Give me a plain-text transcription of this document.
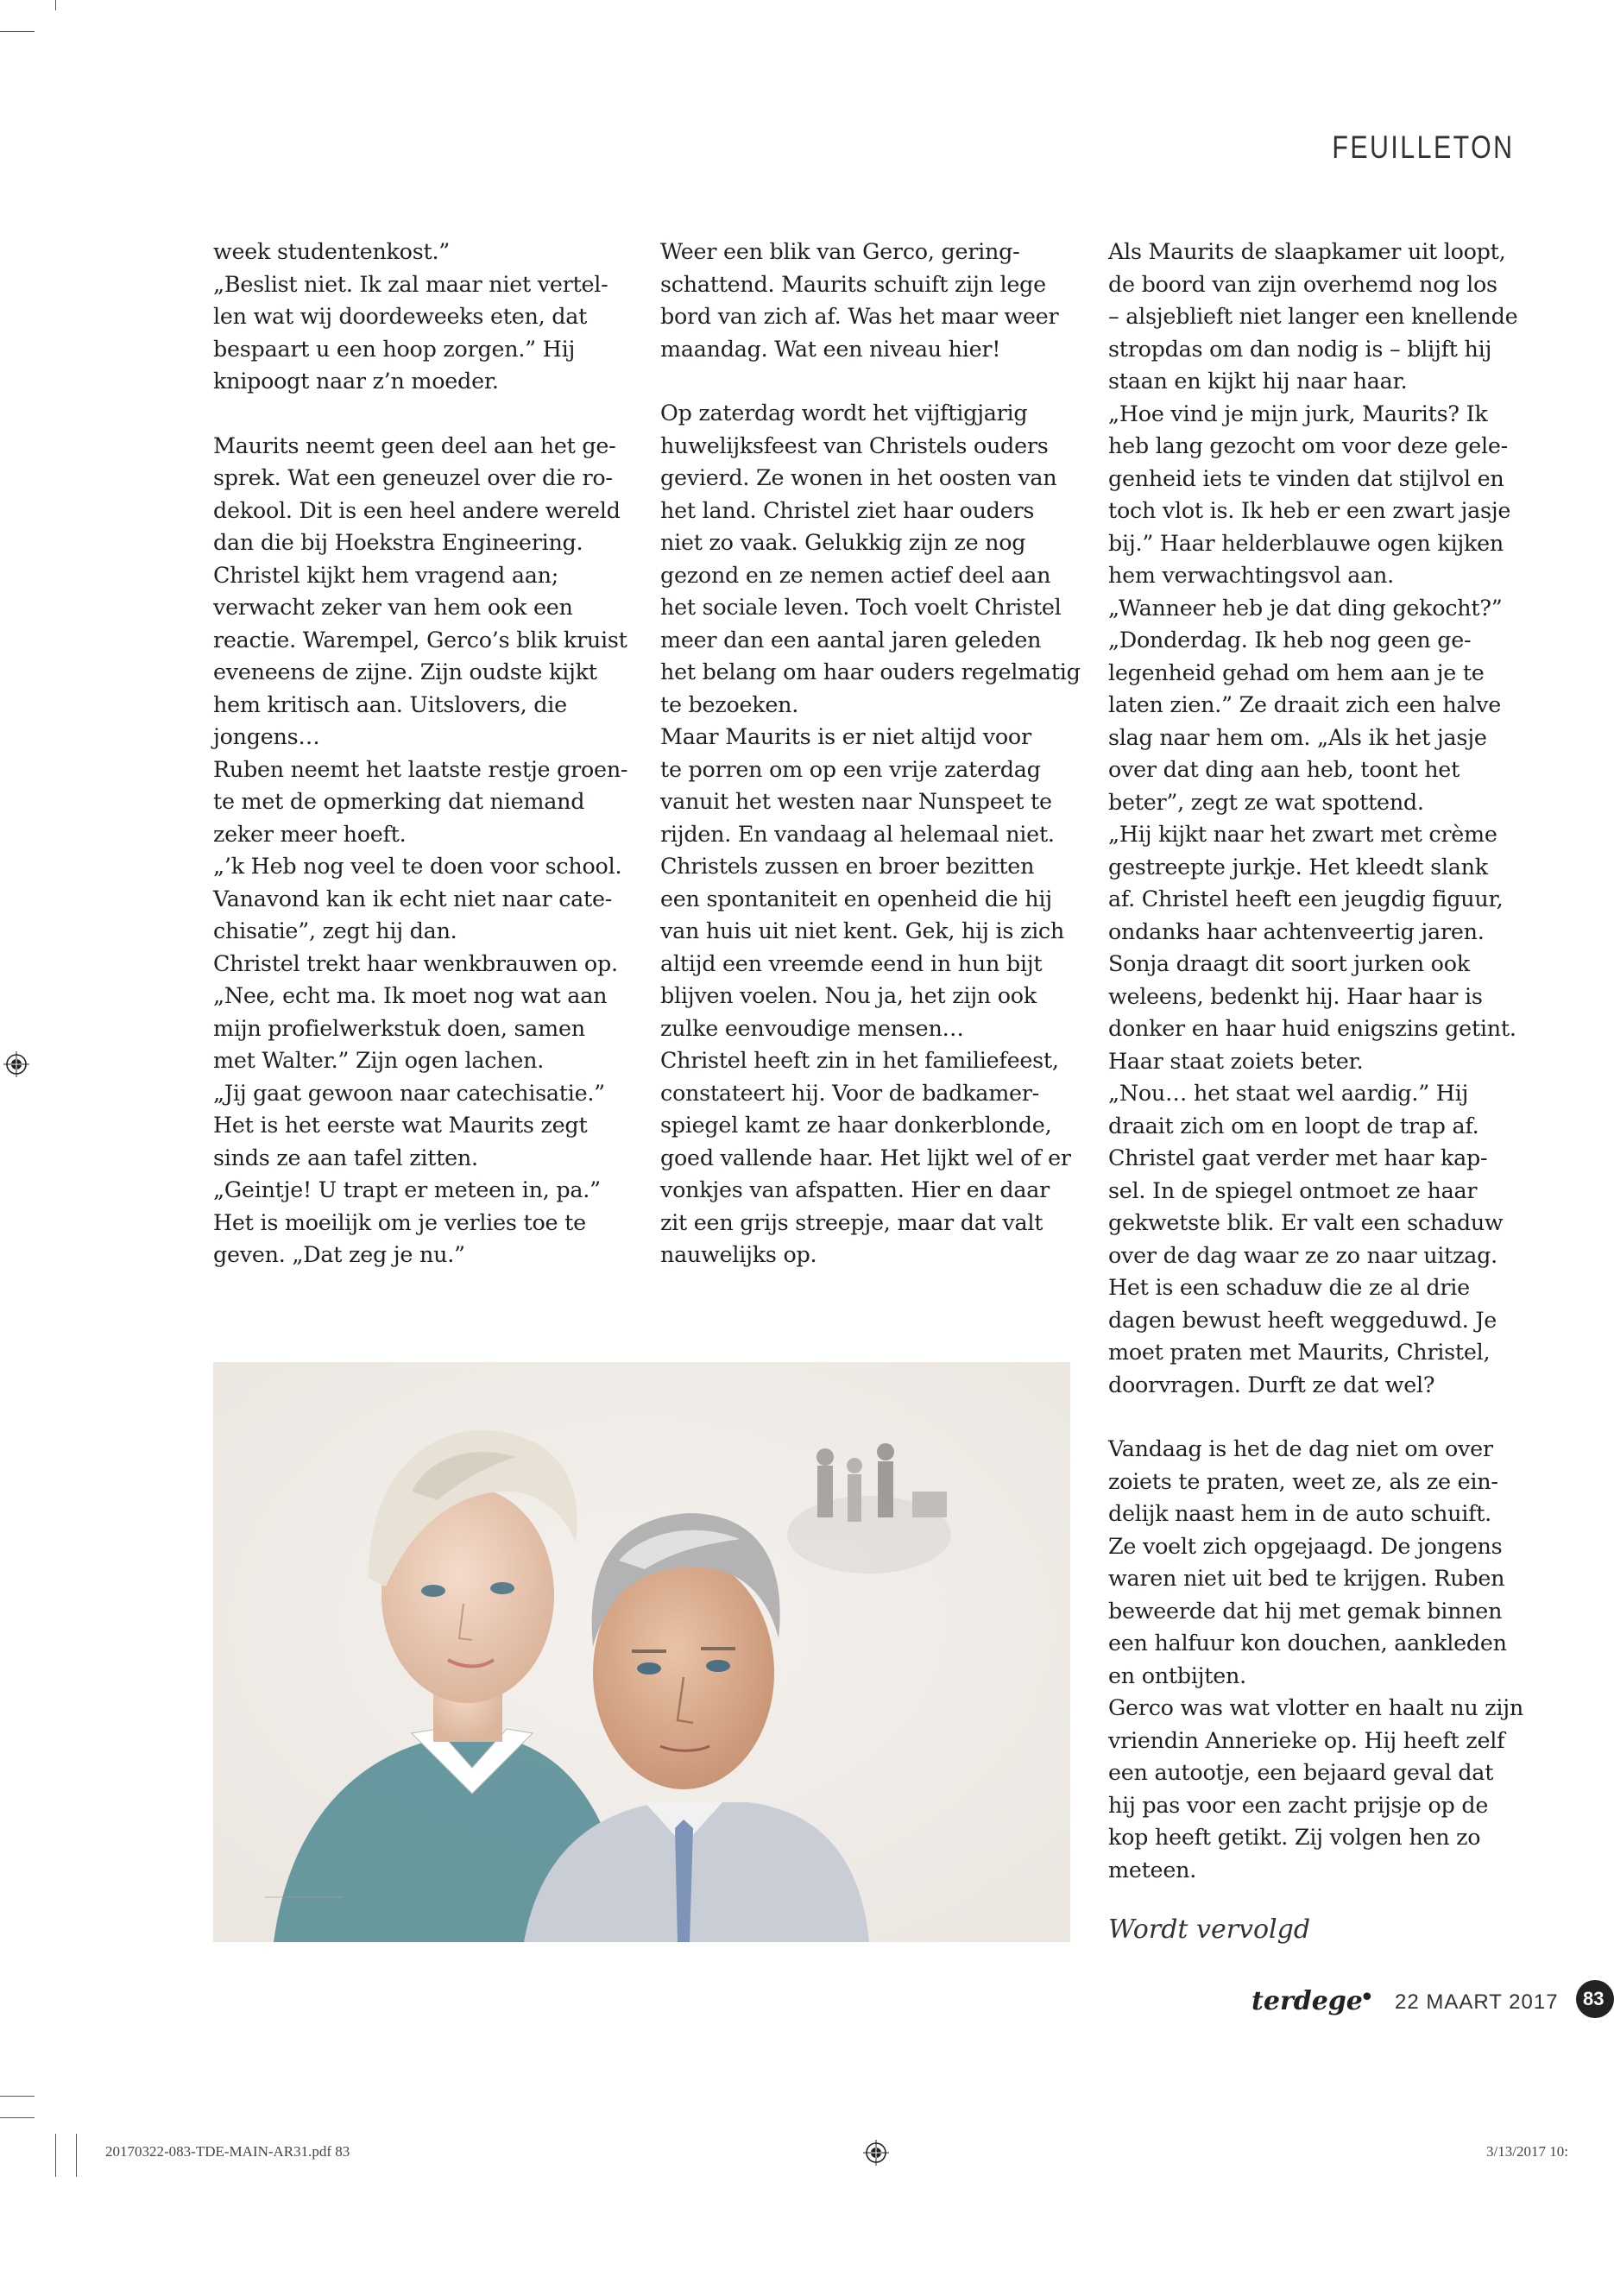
FEUILLETON

week studentenkost.”

„Beslist niet. Ik zal maar niet vertel-

len wat wij doordeweeks eten, dat

bespaart u een hoop zorgen.” Hij

knipoogt naar z’n moeder.

Maurits neemt geen deel aan het ge-

sprek. Wat een geneuzel over die ro-

dekool. Dit is een heel andere wereld

dan die bij Hoekstra Engineering.

Christel kijkt hem vragend aan;

verwacht zeker van hem ook een

reactie. Warempel, Gerco’s blik kruist

eveneens de zijne. Zijn oudste kijkt

hem kritisch aan. Uitslovers, die

jongens…

Ruben neemt het laatste restje groen-

te met de opmerking dat niemand

zeker meer hoeft.

„’k Heb nog veel te doen voor school.

Vanavond kan ik echt niet naar cate-

chisatie”, zegt hij dan.

Christel trekt haar wenkbrauwen op.

„Nee, echt ma. Ik moet nog wat aan

mijn profielwerkstuk doen, samen

met Walter.” Zijn ogen lachen.

„Jij gaat gewoon naar catechisatie.”

Het is het eerste wat Maurits zegt

sinds ze aan tafel zitten.

„Geintje! U trapt er meteen in, pa.”

Het is moeilijk om je verlies toe te

geven. „Dat zeg je nu.”

Weer een blik van Gerco, gering-

schattend. Maurits schuift zijn lege

bord van zich af. Was het maar weer

maandag. Wat een niveau hier!

Op zaterdag wordt het vijftigjarig

huwelijksfeest van Christels ouders

gevierd. Ze wonen in het oosten van

het land. Christel ziet haar ouders

niet zo vaak. Gelukkig zijn ze nog

gezond en ze nemen actief deel aan

het sociale leven. Toch voelt Christel

meer dan een aantal jaren geleden

het belang om haar ouders regelmatig

te bezoeken.

Maar Maurits is er niet altijd voor

te porren om op een vrije zaterdag

vanuit het westen naar Nunspeet te

rijden. En vandaag al helemaal niet.

Christels zussen en broer bezitten

een spontaniteit en openheid die hij

van huis uit niet kent. Gek, hij is zich

altijd een vreemde eend in hun bijt

blijven voelen. Nou ja, het zijn ook

zulke eenvoudige mensen…

Christel heeft zin in het familiefeest,

constateert hij. Voor de badkamer-

spiegel kamt ze haar donkerblonde,

goed vallende haar. Het lijkt wel of er

vonkjes van afspatten. Hier en daar

zit een grijs streepje, maar dat valt

nauwelijks op.

Als Maurits de slaapkamer uit loopt,

de boord van zijn overhemd nog los

– alsjeblieft niet langer een knellende

stropdas om dan nodig is – blijft hij

staan en kijkt hij naar haar.

„Hoe vind je mijn jurk, Maurits? Ik

heb lang gezocht om voor deze gele-

genheid iets te vinden dat stijlvol en

toch vlot is. Ik heb er een zwart jasje

bij.” Haar helderblauwe ogen kijken

hem verwachtingsvol aan.

„Wanneer heb je dat ding gekocht?”

„Donderdag. Ik heb nog geen ge-

legenheid gehad om hem aan je te

laten zien.” Ze draait zich een halve

slag naar hem om. „Als ik het jasje

over dat ding aan heb, toont het

beter”, zegt ze wat spottend.

„Hij kijkt naar het zwart met crème

gestreepte jurkje. Het kleedt slank

af. Christel heeft een jeugdig figuur,

ondanks haar achtenveertig jaren.

Sonja draagt dit soort jurken ook

weleens, bedenkt hij. Haar haar is

donker en haar huid enigszins getint.

Haar staat zoiets beter.

„Nou… het staat wel aardig.” Hij

draait zich om en loopt de trap af.

Christel gaat verder met haar kap-

sel. In de spiegel ontmoet ze haar

gekwetste blik. Er valt een schaduw

over de dag waar ze zo naar uitzag.

Het is een schaduw die ze al drie

dagen bewust heeft weggeduwd. Je

moet praten met Maurits, Christel,

doorvragen. Durft ze dat wel?

Vandaag is het de dag niet om over

zoiets te praten, weet ze, als ze ein-

delijk naast hem in de auto schuift.

Ze voelt zich opgejaagd. De jongens

waren niet uit bed te krijgen. Ruben

beweerde dat hij met gemak binnen

een halfuur kon douchen, aankleden

en ontbijten.

Gerco was wat vlotter en haalt nu zijn

vriendin Annerieke op. Hij heeft zelf

een autootje, een bejaard geval dat

hij pas voor een zacht prijsje op de

kop heeft getikt. Zij volgen hen zo

meteen.

Wordt vervolgd
terdege
• 22 MAART 2017	83
20170322-083-TDE-MAIN-AR31.pdf 83	3/13/2017 10:
